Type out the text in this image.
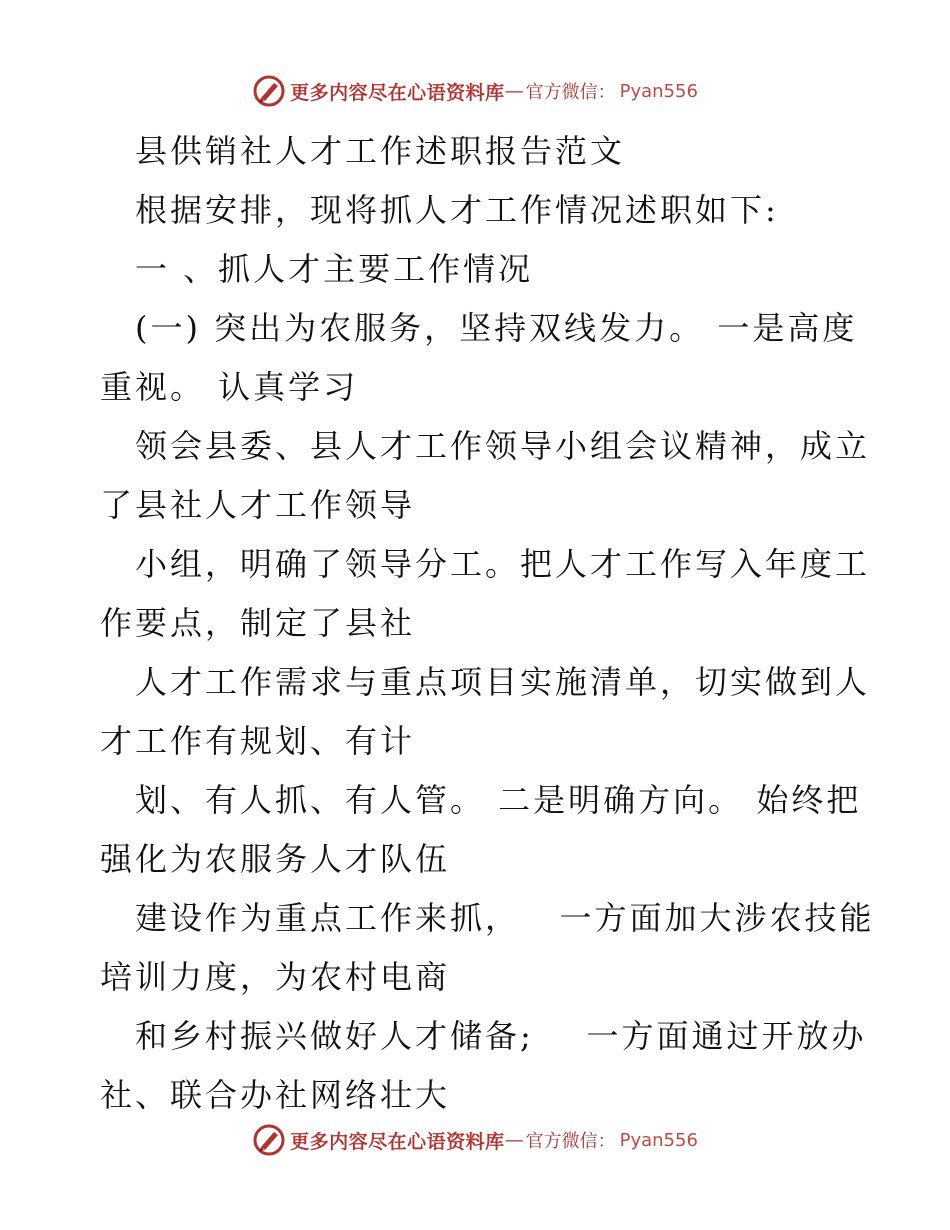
更多内容尽在心语资料库 — 官方微信： Pyan556
县供销社人才工作述职报告范文
根据安排，现将抓人才工作情况述职如下:
一 、抓人才主要工作情况
(一) 突出为农服务，坚持双线发力。 一是高度
重视。 认真学习
领会县委、县人才工作领导小组会议精神，成立
了县社人才工作领导
小组，明确了领导分工。把人才工作写入年度工
作要点，制定了县社
人才工作需求与重点项目实施清单，切实做到人
才工作有规划、有计
划、有人抓、有人管。 二是明确方向。 始终把
强化为农服务人才队伍
建设作为重点工作来抓，   一方面加大涉农技能
培训力度，为农村电商
和乡村振兴做好人才储备;    一方面通过开放办
社、联合办社网络壮大
更多内容尽在心语资料库 — 官方微信： Pyan556
